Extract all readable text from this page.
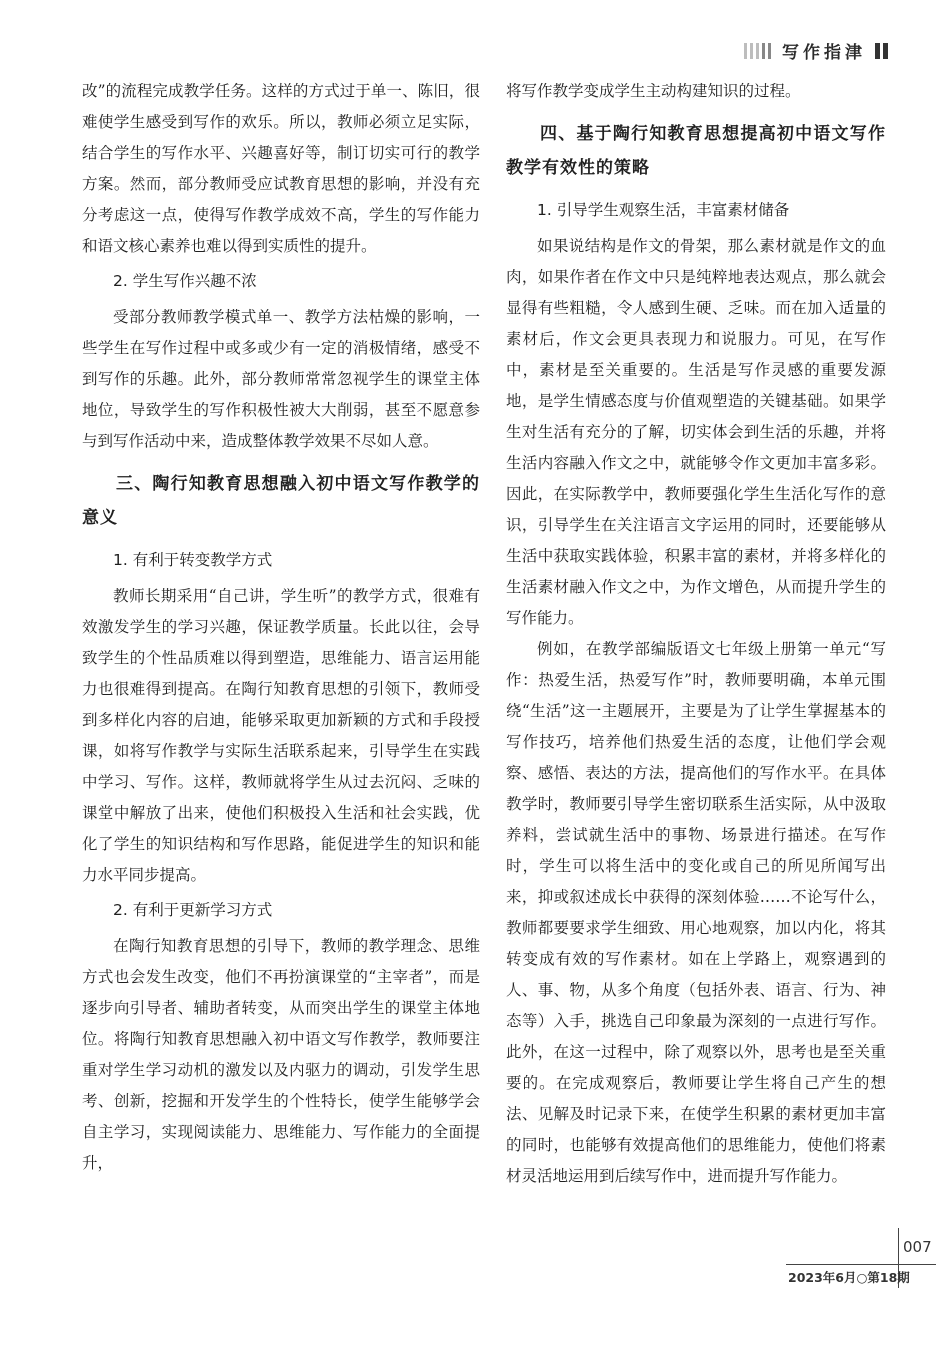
写作指津

改”的流程完成教学任务。这样的方式过于单一、陈旧，很难使学生感受到写作的欢乐。所以，教师必须立足实际，结合学生的写作水平、兴趣喜好等，制订切实可行的教学方案。然而，部分教师受应试教育思想的影响，并没有充分考虑这一点，使得写作教学成效不高，学生的写作能力和语文核心素养也难以得到实质性的提升。

2. 学生写作兴趣不浓

受部分教师教学模式单一、教学方法枯燥的影响，一些学生在写作过程中或多或少有一定的消极情绪，感受不到写作的乐趣。此外，部分教师常常忽视学生的课堂主体地位，导致学生的写作积极性被大大削弱，甚至不愿意参与到写作活动中来，造成整体教学效果不尽如人意。

三、陶行知教育思想融入初中语文写作教学的意义
1. 有利于转变教学方式

教师长期采用“自己讲，学生听”的教学方式，很难有效激发学生的学习兴趣，保证教学质量。长此以往，会导致学生的个性品质难以得到塑造，思维能力、语言运用能力也很难得到提高。在陶行知教育思想的引领下，教师受到多样化内容的启迪，能够采取更加新颖的方式和手段授课，如将写作教学与实际生活联系起来，引导学生在实践中学习、写作。这样，教师就将学生从过去沉闷、乏味的课堂中解放了出来，使他们积极投入生活和社会实践，优化了学生的知识结构和写作思路，能促进学生的知识和能力水平同步提高。

2. 有利于更新学习方式

在陶行知教育思想的引导下，教师的教学理念、思维方式也会发生改变，他们不再扮演课堂的“主宰者”，而是逐步向引导者、辅助者转变，从而突出学生的课堂主体地位。将陶行知教育思想融入初中语文写作教学，教师要注重对学生学习动机的激发以及内驱力的调动，引发学生思考、创新，挖掘和开发学生的个性特长，使学生能够学会自主学习，实现阅读能力、思维能力、写作能力的全面提升，

将写作教学变成学生主动构建知识的过程。

四、基于陶行知教育思想提高初中语文写作教学有效性的策略
1. 引导学生观察生活，丰富素材储备

如果说结构是作文的骨架，那么素材就是作文的血肉，如果作者在作文中只是纯粹地表达观点，那么就会显得有些粗糙，令人感到生硬、乏味。而在加入适量的素材后，作文会更具表现力和说服力。可见，在写作中，素材是至关重要的。生活是写作灵感的重要发源地，是学生情感态度与价值观塑造的关键基础。如果学生对生活有充分的了解，切实体会到生活的乐趣，并将生活内容融入作文之中，就能够令作文更加丰富多彩。因此，在实际教学中，教师要强化学生生活化写作的意识，引导学生在关注语言文字运用的同时，还要能够从生活中获取实践体验，积累丰富的素材，并将多样化的生活素材融入作文之中，为作文增色，从而提升学生的写作能力。

例如，在教学部编版语文七年级上册第一单元“写作：热爱生活，热爱写作”时，教师要明确，本单元围绕“生活”这一主题展开，主要是为了让学生掌握基本的写作技巧，培养他们热爱生活的态度，让他们学会观察、感悟、表达的方法，提高他们的写作水平。在具体教学时，教师要引导学生密切联系生活实际，从中汲取养料，尝试就生活中的事物、场景进行描述。在写作时，学生可以将生活中的变化或自己的所见所闻写出来，抑或叙述成长中获得的深刻体验……不论写什么，教师都要要求学生细致、用心地观察，加以内化，将其转变成有效的写作素材。如在上学路上，观察遇到的人、事、物，从多个角度（包括外表、语言、行为、神态等）入手，挑选自己印象最为深刻的一点进行写作。此外，在这一过程中，除了观察以外，思考也是至关重要的。在完成观察后，教师要让学生将自己产生的想法、见解及时记录下来，在使学生积累的素材更加丰富的同时，也能够有效提高他们的思维能力，使他们将素材灵活地运用到后续写作中，进而提升写作能力。

007
2023年6月○第18期
